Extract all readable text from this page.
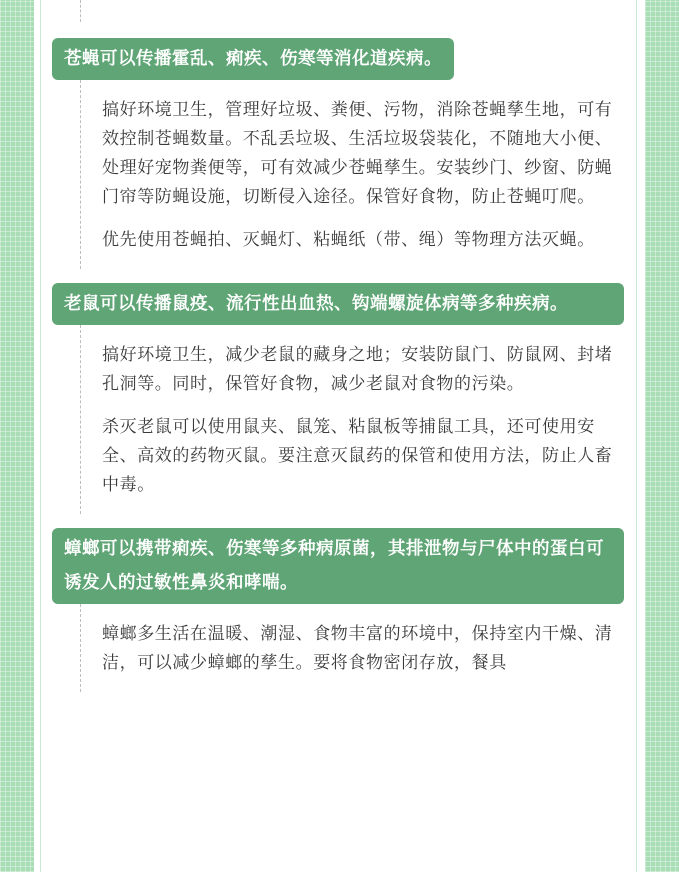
苍蝇可以传播霍乱、痢疾、伤寒等消化道疾病。

搞好环境卫生，管理好垃圾、粪便、污物，消除苍蝇孳生地，可有效控制苍蝇数量。不乱丢垃圾、生活垃圾袋装化，不随地大小便、处理好宠物粪便等，可有效减少苍蝇孳生。安装纱门、纱窗、防蝇门帘等防蝇设施，切断侵入途径。保管好食物，防止苍蝇叮爬。

优先使用苍蝇拍、灭蝇灯、粘蝇纸（带、绳）等物理方法灭蝇。

老鼠可以传播鼠疫、流行性出血热、钩端螺旋体病等多种疾病。

搞好环境卫生，减少老鼠的藏身之地；安装防鼠门、防鼠网、封堵孔洞等。同时，保管好食物，减少老鼠对食物的污染。

杀灭老鼠可以使用鼠夹、鼠笼、粘鼠板等捕鼠工具，还可使用安全、高效的药物灭鼠。要注意灭鼠药的保管和使用方法，防止人畜中毒。

蟑螂可以携带痢疾、伤寒等多种病原菌，其排泄物与尸体中的蛋白可诱发人的过敏性鼻炎和哮喘。

蟑螂多生活在温暖、潮湿、食物丰富的环境中，保持室内干燥、清洁，可以减少蟑螂的孳生。要将食物密闭存放，餐具
